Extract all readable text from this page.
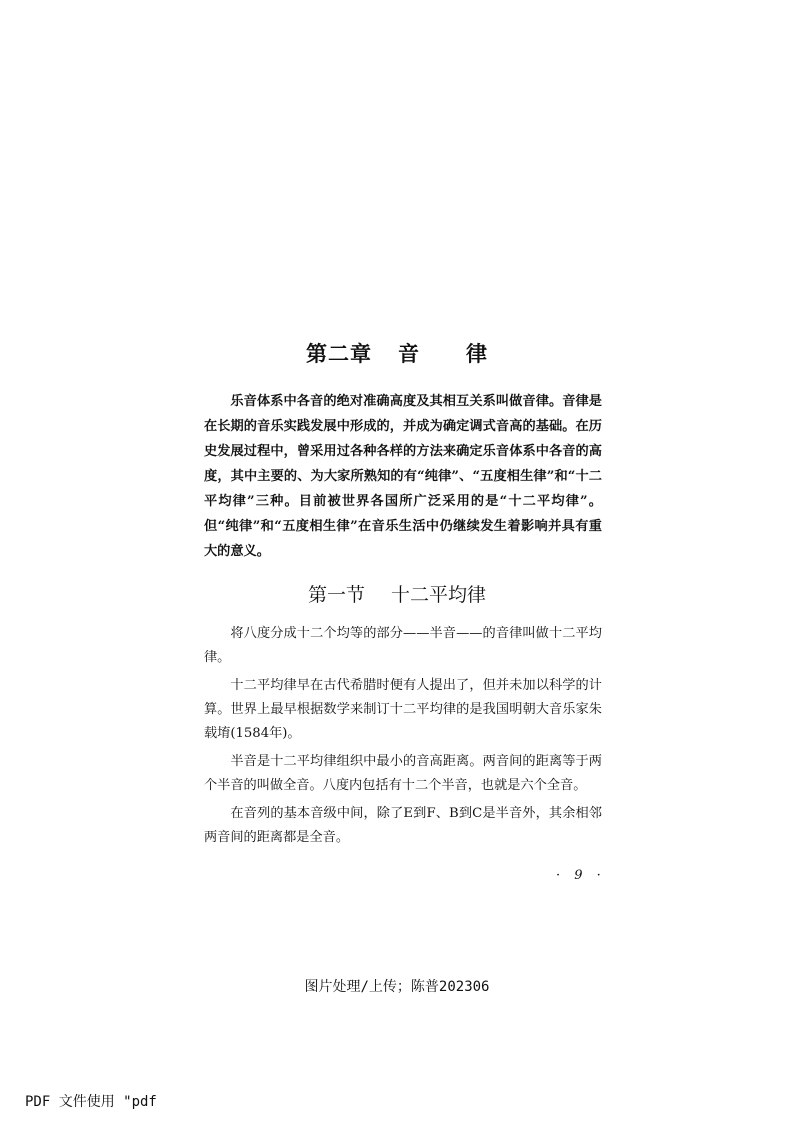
第二章 音 律

乐音体系中各音的绝对准确高度及其相互关系叫做音律。音律是在长期的音乐实践发展中形成的，并成为确定调式音高的基础。在历史发展过程中，曾采用过各种各样的方法来确定乐音体系中各音的高度，其中主要的、为大家所熟知的有“纯律”、“五度相生律”和“十二平均律”三种。目前被世界各国所广泛采用的是“十二平均律”。但“纯律”和“五度相生律”在音乐生活中仍继续发生着影响并具有重大的意义。

第一节 十二平均律

将八度分成十二个均等的部分——半音——的音律叫做十二平均律。

十二平均律早在古代希腊时便有人提出了，但并未加以科学的计算。世界上最早根据数学来制订十二平均律的是我国明朝大音乐家朱载堉(1584年)。

半音是十二平均律组织中最小的音高距离。两音间的距离等于两个半音的叫做全音。八度内包括有十二个半音，也就是六个全音。

在音列的基本音级中间，除了E到F、B到C是半音外，其余相邻两音间的距离都是全音。

· 9 ·
图片处理/上传；陈普202306
PDF 文件使用 "pdf
